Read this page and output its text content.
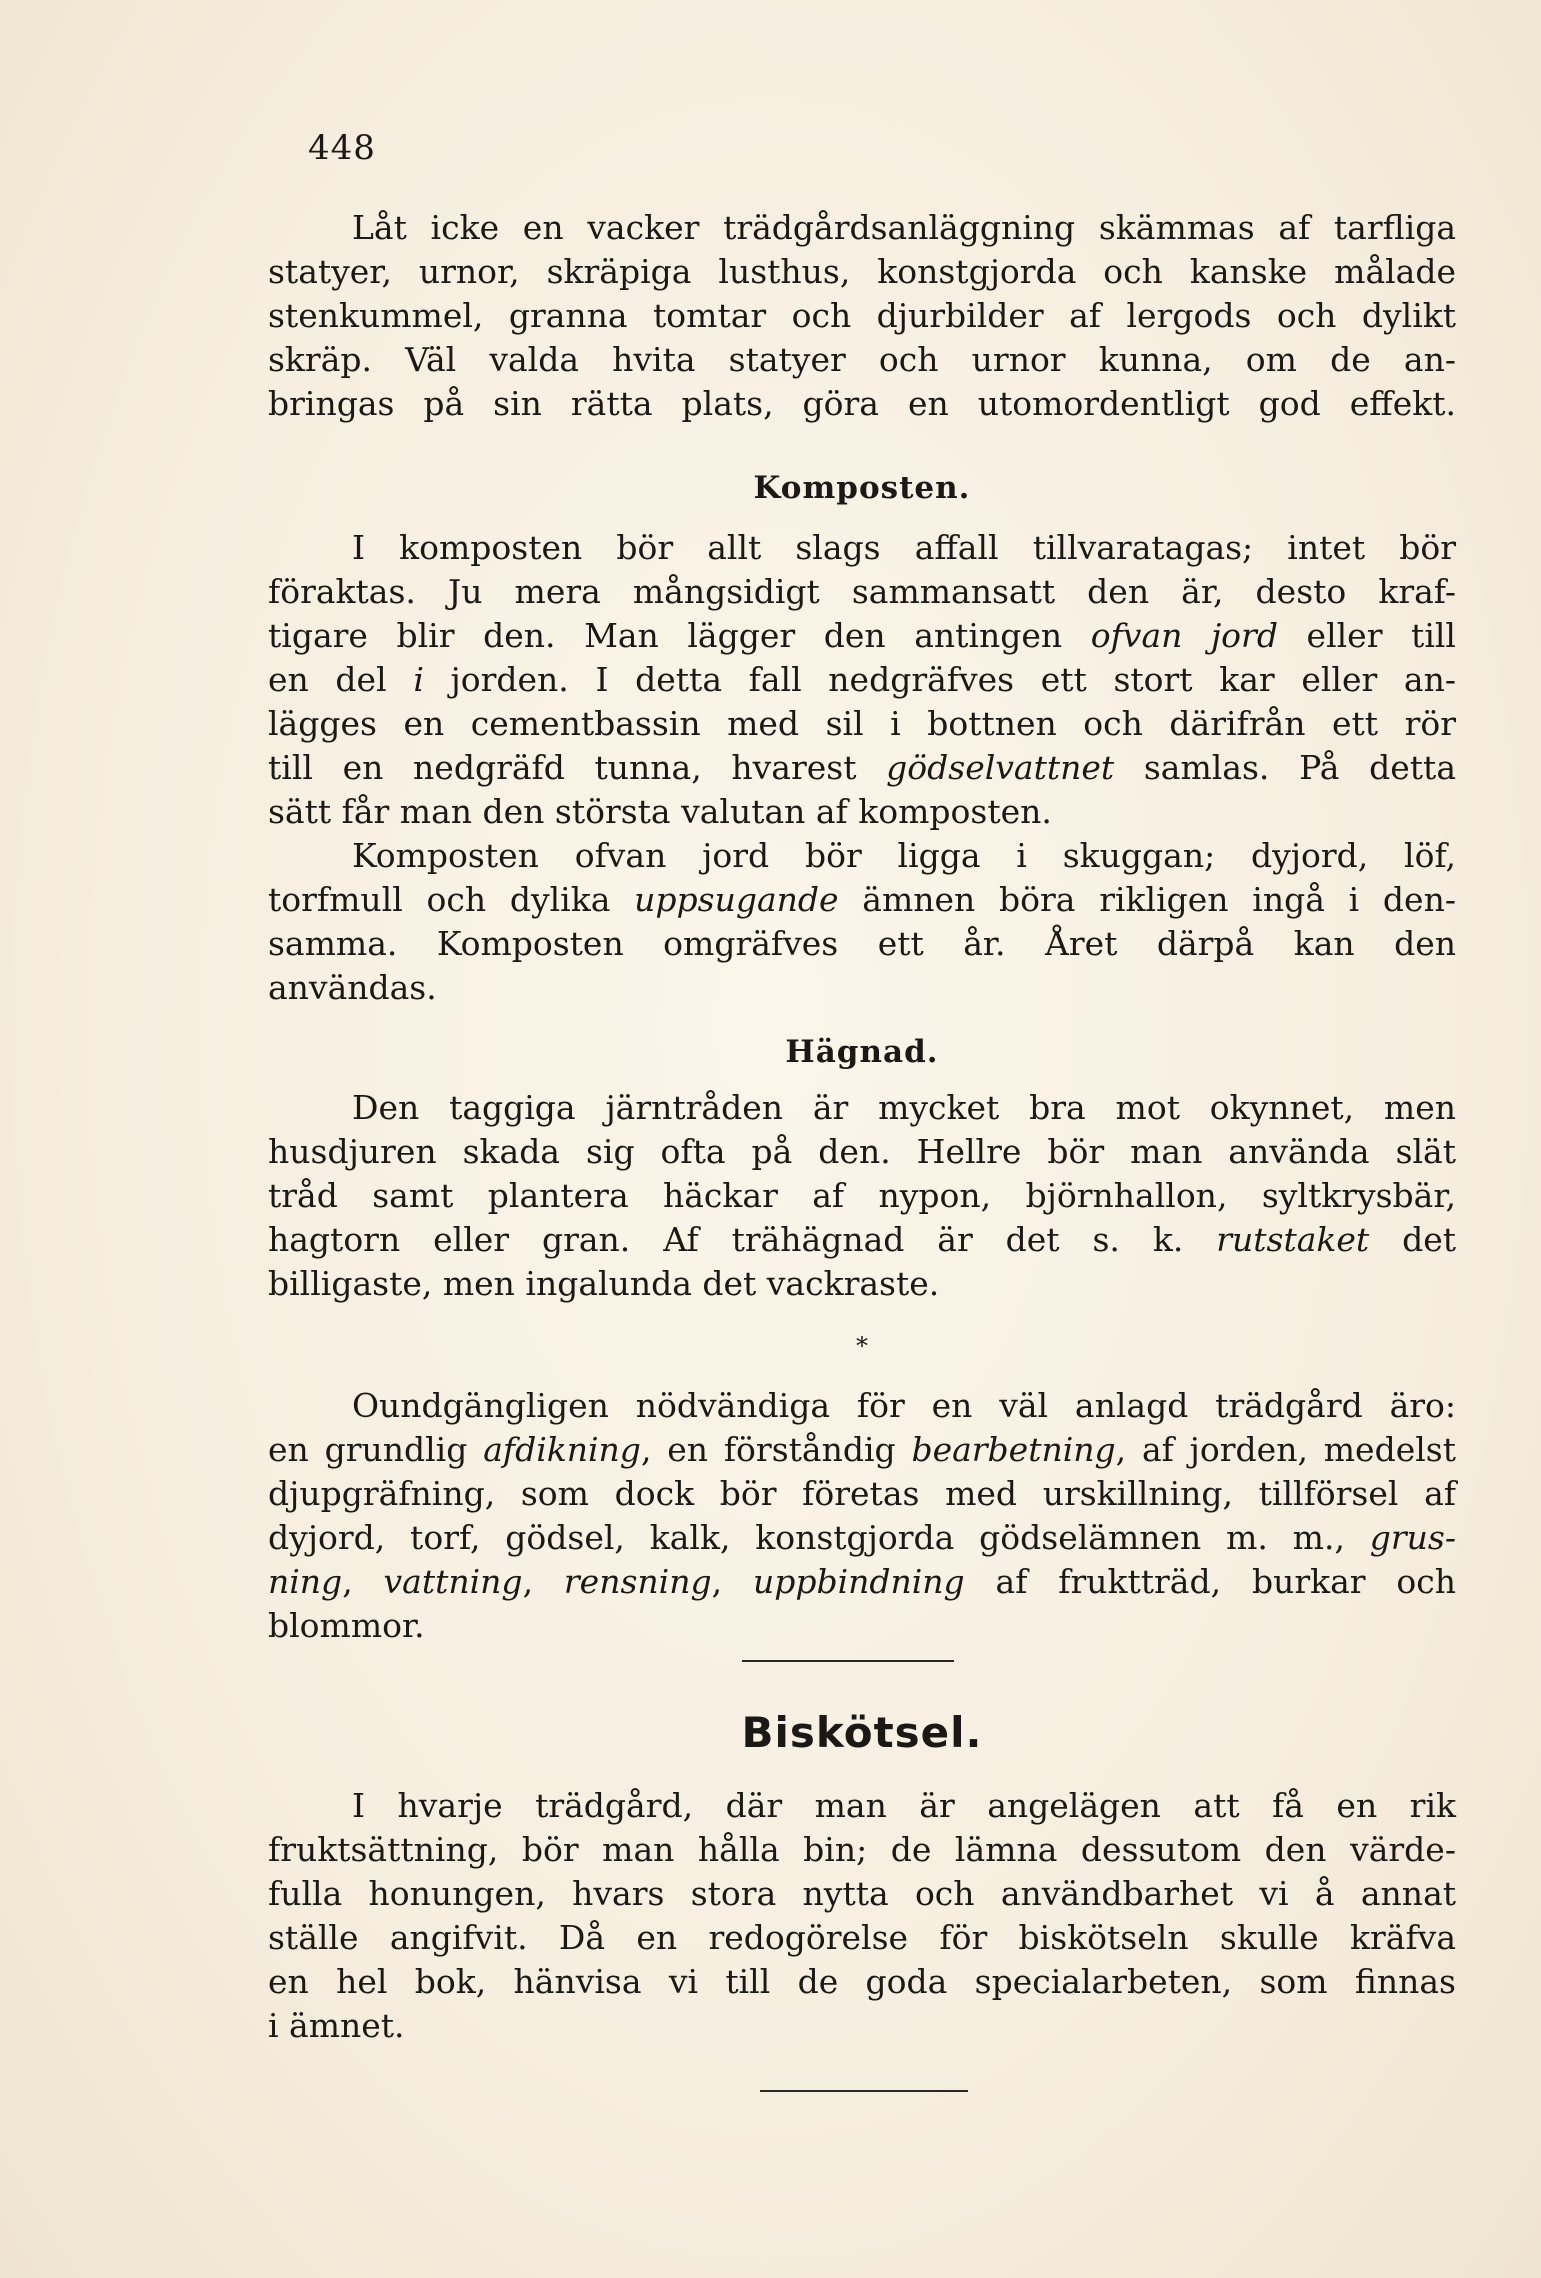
448

Låt icke en vacker trädgårdsanläggning skämmas af tarfliga

statyer, urnor, skräpiga lusthus, konstgjorda och kanske målade

stenkummel, granna tomtar och djurbilder af lergods och dylikt

skräp. Väl valda hvita statyer och urnor kunna, om de an-

bringas på sin rätta plats, göra en utomordentligt god effekt.

Komposten.

I komposten bör allt slags affall tillvaratagas; intet bör

föraktas. Ju mera mångsidigt sammansatt den är, desto kraf-

tigare blir den. Man lägger den antingen ofvan jord eller till

en del i jorden. I detta fall nedgräfves ett stort kar eller an-

lägges en cementbassin med sil i bottnen och därifrån ett rör

till en nedgräfd tunna, hvarest gödselvattnet samlas. På detta

sätt får man den största valutan af komposten.

Komposten ofvan jord bör ligga i skuggan; dyjord, löf,

torfmull och dylika uppsugande ämnen böra rikligen ingå i den-

samma. Komposten omgräfves ett år. Året därpå kan den

användas.

Hägnad.

Den taggiga järntråden är mycket bra mot okynnet, men

husdjuren skada sig ofta på den. Hellre bör man använda slät

tråd samt plantera häckar af nypon, björnhallon, syltkrysbär,

hagtorn eller gran. Af trähägnad är det s. k. rutstaket det

billigaste, men ingalunda det vackraste.

*

Oundgängligen nödvändiga för en väl anlagd trädgård äro:

en grundlig afdikning, en förståndig bearbetning, af jorden, medelst

djupgräfning, som dock bör företas med urskillning, tillförsel af

dyjord, torf, gödsel, kalk, konstgjorda gödselämnen m. m., grus-

ning, vattning, rensning, uppbindning af fruktträd, burkar och

blommor.

Biskötsel.

I hvarje trädgård, där man är angelägen att få en rik

fruktsättning, bör man hålla bin; de lämna dessutom den värde-

fulla honungen, hvars stora nytta och användbarhet vi å annat

ställe angifvit. Då en redogörelse för biskötseln skulle kräfva

en hel bok, hänvisa vi till de goda specialarbeten, som finnas

i ämnet.
